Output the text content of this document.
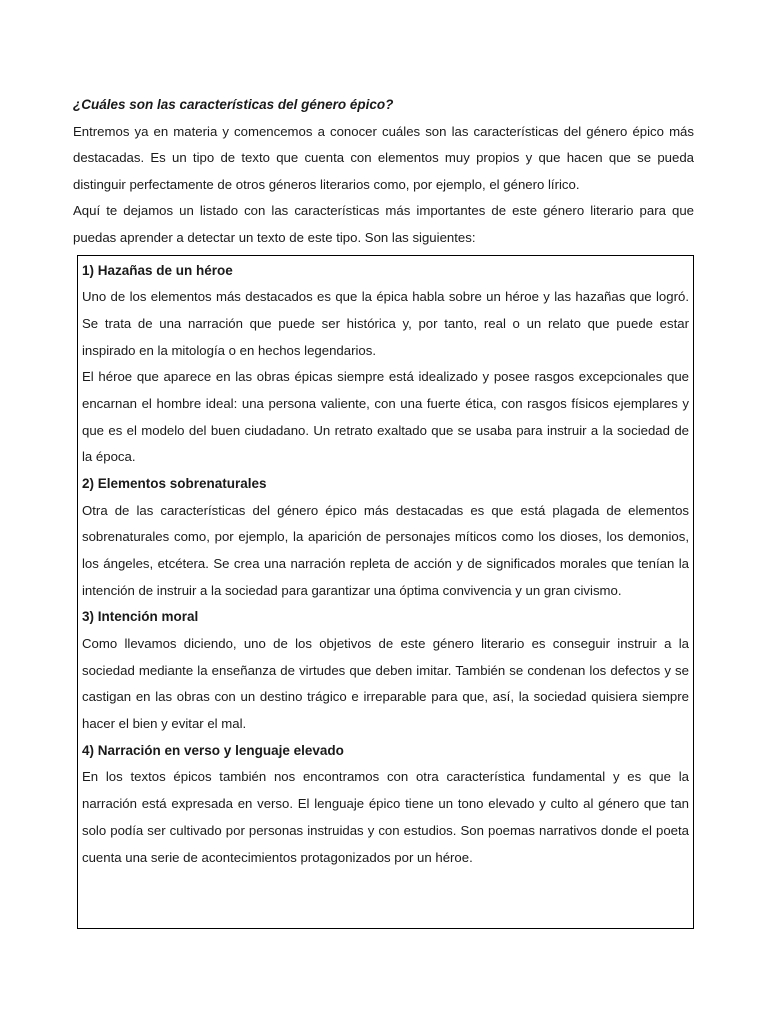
¿Cuáles son las características del género épico?

Entremos ya en materia y comencemos a conocer cuáles son las características del género épico más destacadas. Es un tipo de texto que cuenta con elementos muy propios y que hacen que se pueda distinguir perfectamente de otros géneros literarios como, por ejemplo, el género lírico.

Aquí te dejamos un listado con las características más importantes de este género literario para que puedas aprender a detectar un texto de este tipo. Son las siguientes:

1) Hazañas de un héroe

Uno de los elementos más destacados es que la épica habla sobre un héroe y las hazañas que logró. Se trata de una narración que puede ser histórica y, por tanto, real o un relato que puede estar inspirado en la mitología o en hechos legendarios.

El héroe que aparece en las obras épicas siempre está idealizado y posee rasgos excepcionales que encarnan el hombre ideal: una persona valiente, con una fuerte ética, con rasgos físicos ejemplares y que es el modelo del buen ciudadano. Un retrato exaltado que se usaba para instruir a la sociedad de la época.

2) Elementos sobrenaturales

Otra de las características del género épico más destacadas es que está plagada de elementos sobrenaturales como, por ejemplo, la aparición de personajes míticos como los dioses, los demonios, los ángeles, etcétera. Se crea una narración repleta de acción y de significados morales que tenían la intención de instruir a la sociedad para garantizar una óptima convivencia y un gran civismo.

3) Intención moral

Como llevamos diciendo, uno de los objetivos de este género literario es conseguir instruir a la sociedad mediante la enseñanza de virtudes que deben imitar. También se condenan los defectos y se castigan en las obras con un destino trágico e irreparable para que, así, la sociedad quisiera siempre hacer el bien y evitar el mal.

4) Narración en verso y lenguaje elevado

En los textos épicos también nos encontramos con otra característica fundamental y es que la narración está expresada en verso. El lenguaje épico tiene un tono elevado y culto al género que tan solo podía ser cultivado por personas instruidas y con estudios. Son poemas narrativos donde el poeta cuenta una serie de acontecimientos protagonizados por un héroe.
